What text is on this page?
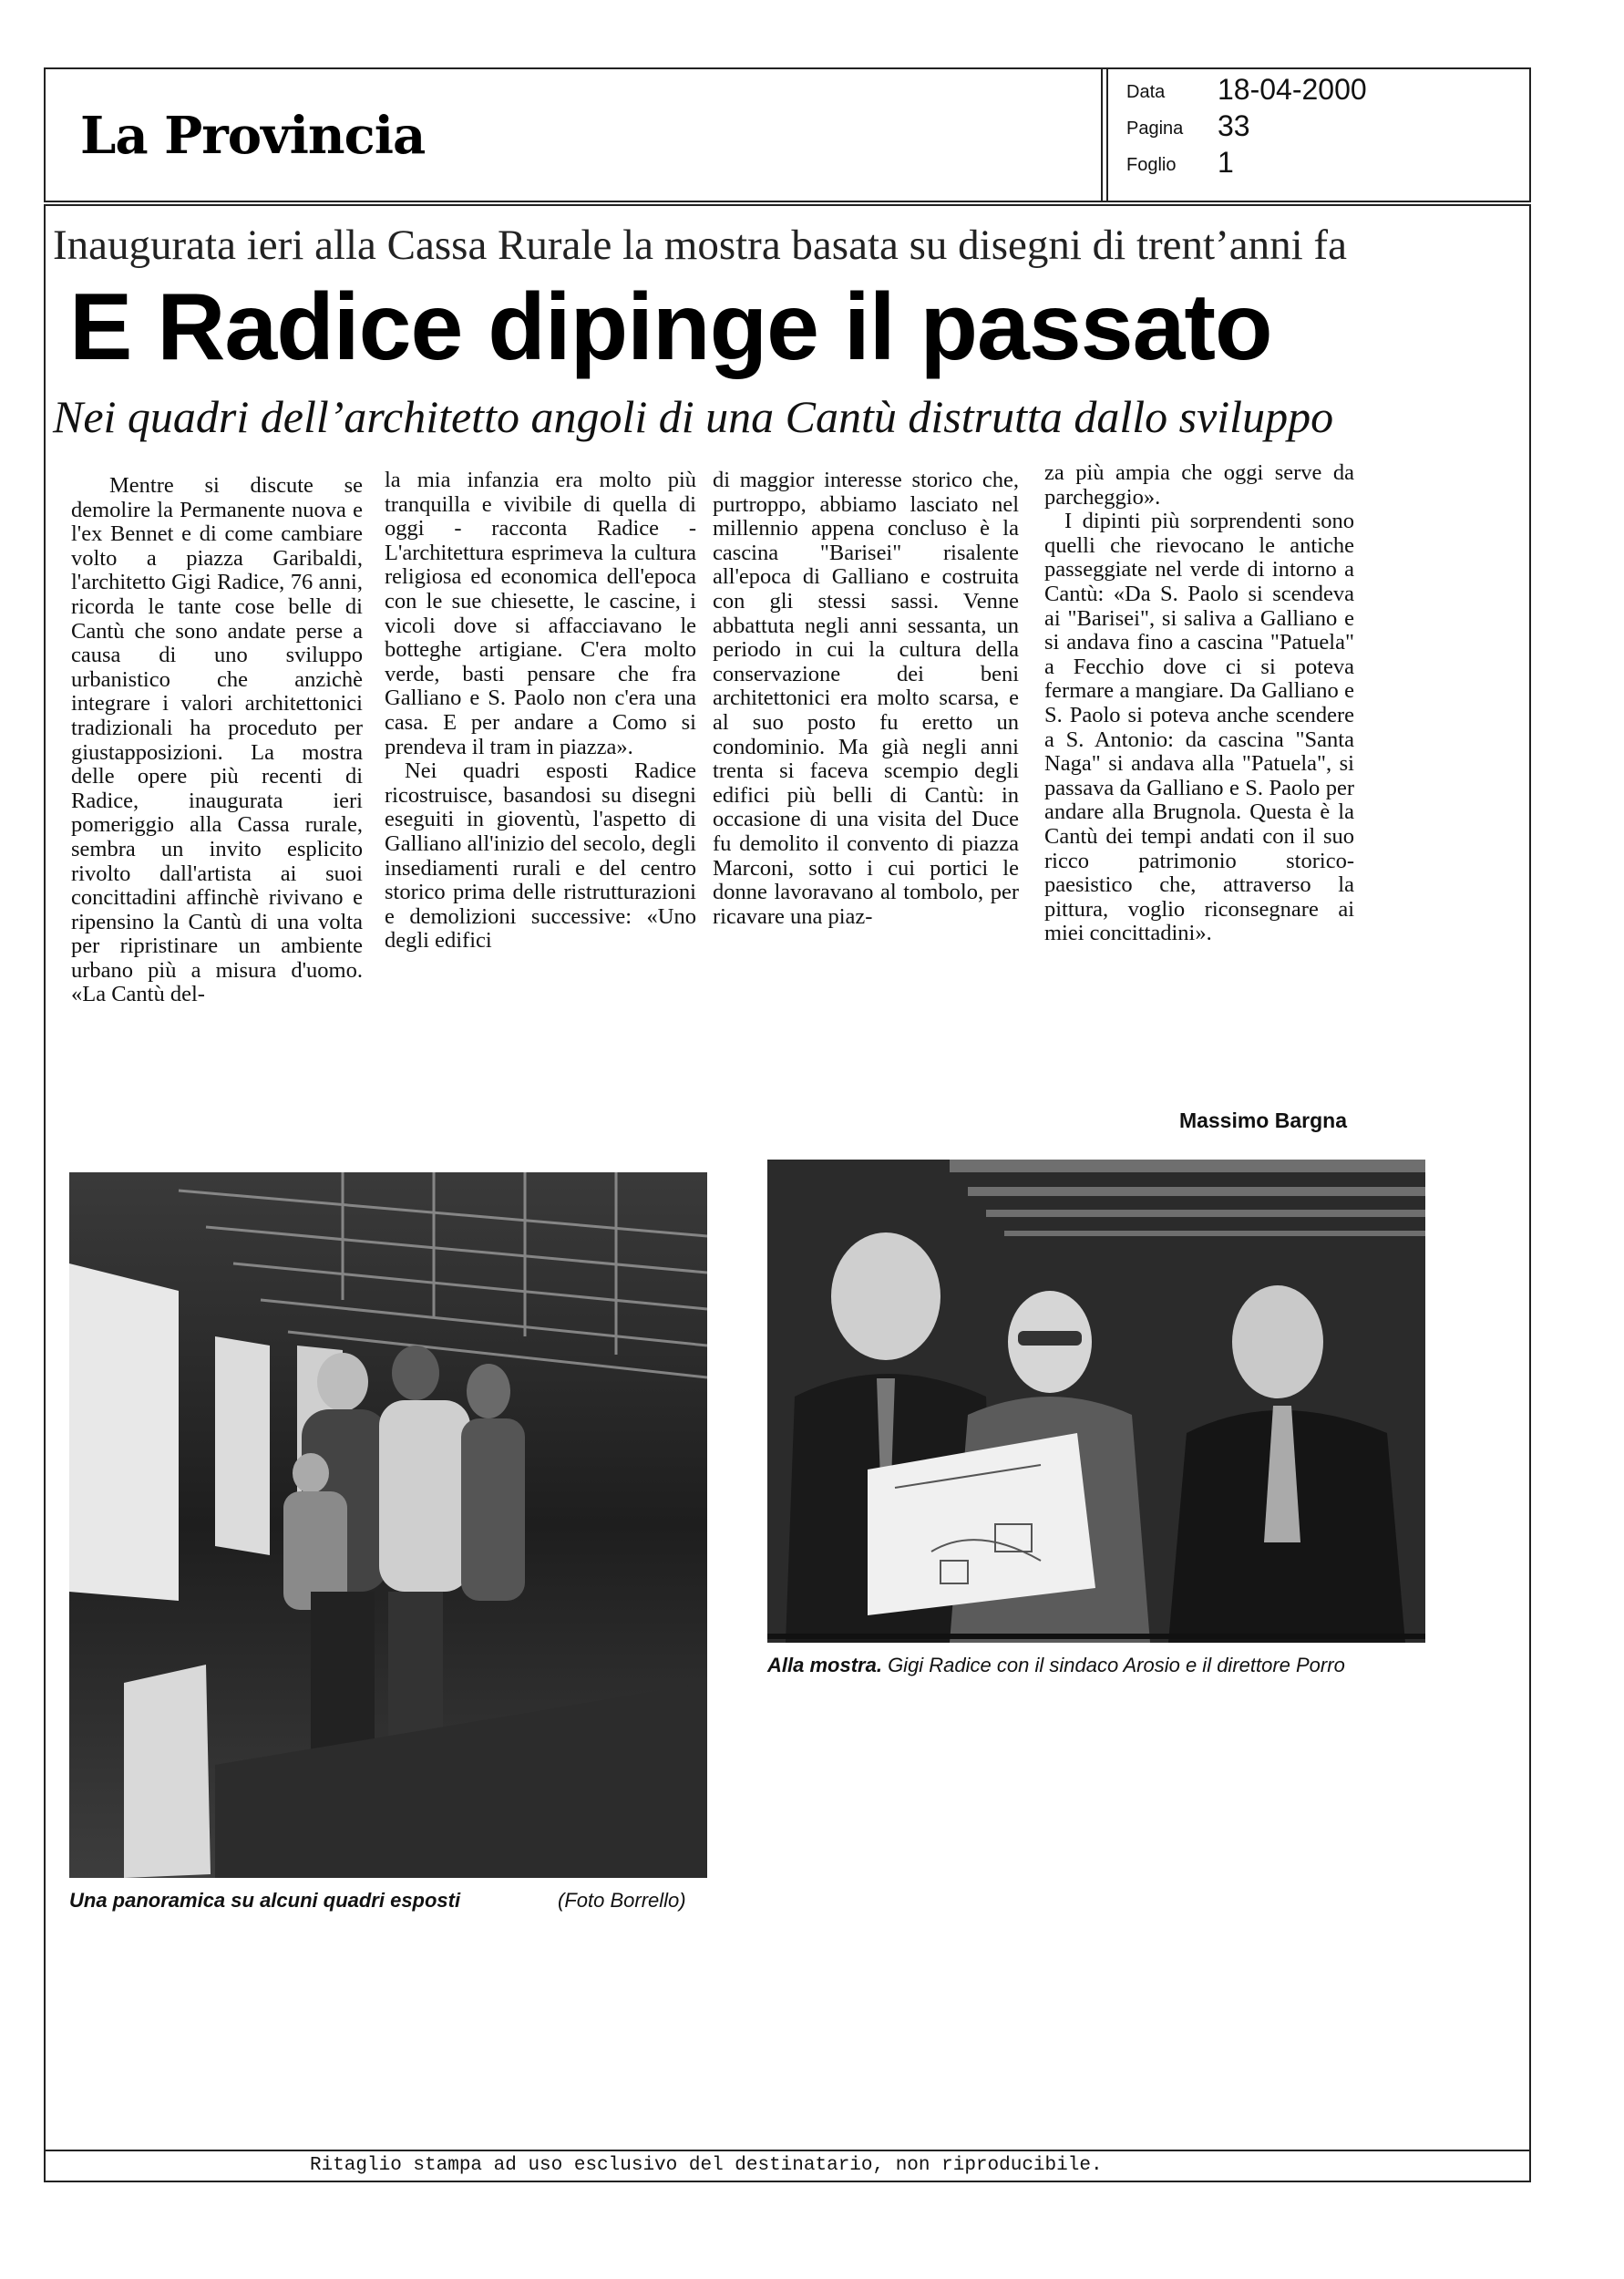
La Provincia
Data 18-04-2000
Pagina 33
Foglio 1
Inaugurata ieri alla Cassa Rurale la mostra basata su disegni di trent’anni fa
E Radice dipinge il passato
Nei quadri dell’architetto angoli di una Cantù distrutta dallo sviluppo

Mentre si discute se demolire la Permanente nuova e l'ex Bennet e di come cambiare volto a piazza Garibaldi, l'architetto Gigi Radice, 76 anni, ricorda le tante cose belle di Cantù che sono andate perse a causa di uno sviluppo urbanistico che anzichè integrare i valori architettonici tradizionali ha proceduto per giustapposizioni. La mostra delle opere più recenti di Radice, inaugurata ieri pomeriggio alla Cassa rurale, sembra un invito esplicito rivolto dall'artista ai suoi concittadini affinchè rivivano e ripensino la Cantù di una volta per ripristinare un ambiente urbano più a misura d'uomo. «La Cantù del-

la mia infanzia era molto più tranquilla e vivibile di quella di oggi - racconta Radice - L'architettura esprimeva la cultura religiosa ed economica dell'epoca con le sue chiesette, le cascine, i vicoli dove si affacciavano le botteghe artigiane. C'era molto verde, basti pensare che fra Galliano e S. Paolo non c'era una casa. E per andare a Como si prendeva il tram in piazza».

Nei quadri esposti Radice ricostruisce, basandosi su disegni eseguiti in gioventù, l'aspetto di Galliano all'inizio del secolo, degli insediamenti rurali e del centro storico prima delle ristrutturazioni e demolizioni successive: «Uno degli edifici

di maggior interesse storico che, purtroppo, abbiamo lasciato nel millennio appena concluso è la cascina "Barisei" risalente all'epoca di Galliano e costruita con gli stessi sassi. Venne abbattuta negli anni sessanta, un periodo in cui la cultura della conservazione dei beni architettonici era molto scarsa, e al suo posto fu eretto un condominio. Ma già negli anni trenta si faceva scempio degli edifici più belli di Cantù: in occasione di una visita del Duce fu demolito il convento di piazza Marconi, sotto i cui portici le donne lavoravano al tombolo, per ricavare una piaz-

za più ampia che oggi serve da parcheggio».

I dipinti più sorprendenti sono quelli che rievocano le antiche passeggiate nel verde di intorno a Cantù: «Da S. Paolo si scendeva ai "Barisei", si saliva a Galliano e si andava fino a cascina "Patuela" a Fecchio dove ci si poteva fermare a mangiare. Da Galliano e S. Paolo si poteva anche scendere a S. Antonio: da cascina "Santa Naga" si andava alla "Patuela", si passava da Galliano e S. Paolo per andare alla Brugnola. Questa è la Cantù dei tempi andati con il suo ricco patrimonio storico-paesistico che, attraverso la pittura, voglio riconsegnare ai miei concittadini».

Massimo Bargna
Una panoramica su alcuni quadri esposti	(Foto Borrello)
Alla mostra. Gigi Radice con il sindaco Arosio e il direttore Porro
Ritaglio stampa ad uso esclusivo del destinatario, non riproducibile.
